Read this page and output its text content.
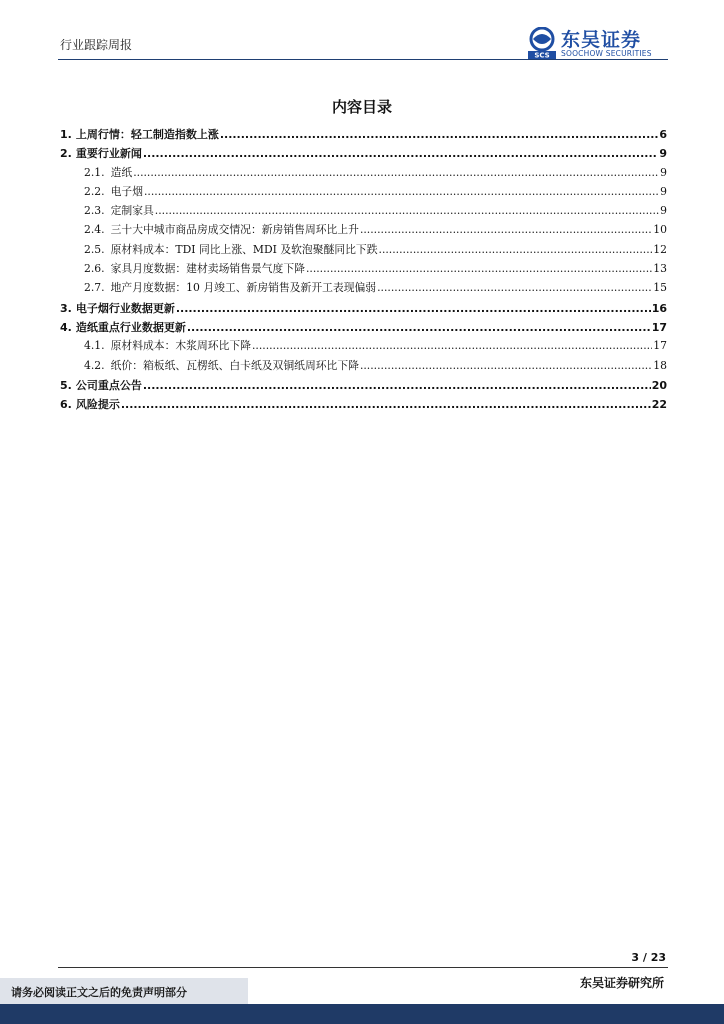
行业跟踪周报
SCS
东吴证券
SOOCHOW SECURITIES
内容目录
1. 上周行情：轻工制造指数上涨 .....	6
2. 重要行业新闻 .....	9
2.1. 造纸 .....	9
2.2. 电子烟 .....	9
2.3. 定制家具 .....	9
2.4. 三十大中城市商品房成交情况：新房销售周环比上升 .....	10
2.5. 原材料成本：TDI 同比上涨、MDI 及软泡聚醚同比下跌 .....	12
2.6. 家具月度数据：建材卖场销售景气度下降 .....	13
2.7. 地产月度数据：10 月竣工、新房销售及新开工表现偏弱 .....	15
3. 电子烟行业数据更新 .....	16
4. 造纸重点行业数据更新 .....	17
4.1. 原材料成本：木浆周环比下降 .....	17
4.2. 纸价：箱板纸、瓦楞纸、白卡纸及双铜纸周环比下降 .....	18
5. 公司重点公告 .....	20
6. 风险提示 .....	22
3 / 23
请务必阅读正文之后的免责声明部分
东吴证券研究所
